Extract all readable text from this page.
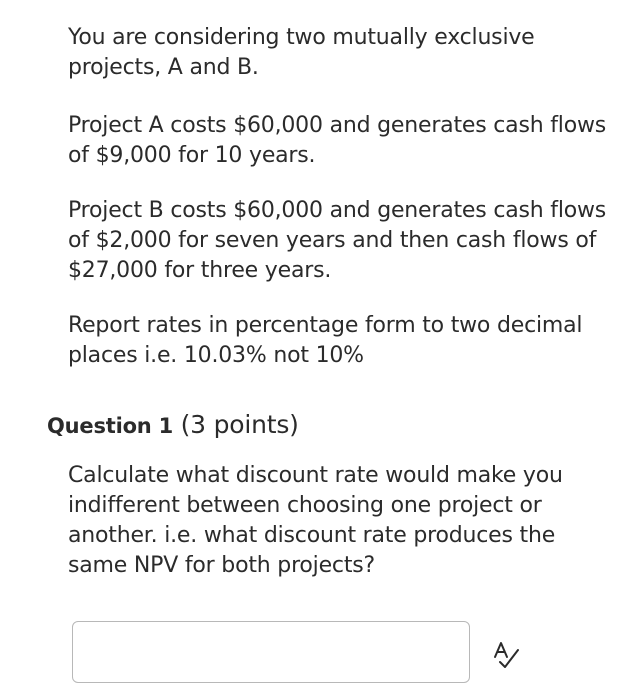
You are considering two mutually exclusive projects, A and B.

Project A costs $60,000 and generates cash flows of $9,000 for 10 years.

Project B costs $60,000 and generates cash flows of $2,000 for seven years and then cash flows of $27,000 for three years.

Report rates in percentage form to two decimal places i.e. 10.03% not 10%

Question 1 (3 points)

Calculate what discount rate would make you indifferent between choosing one project or another. i.e. what discount rate produces the same NPV for both projects?
